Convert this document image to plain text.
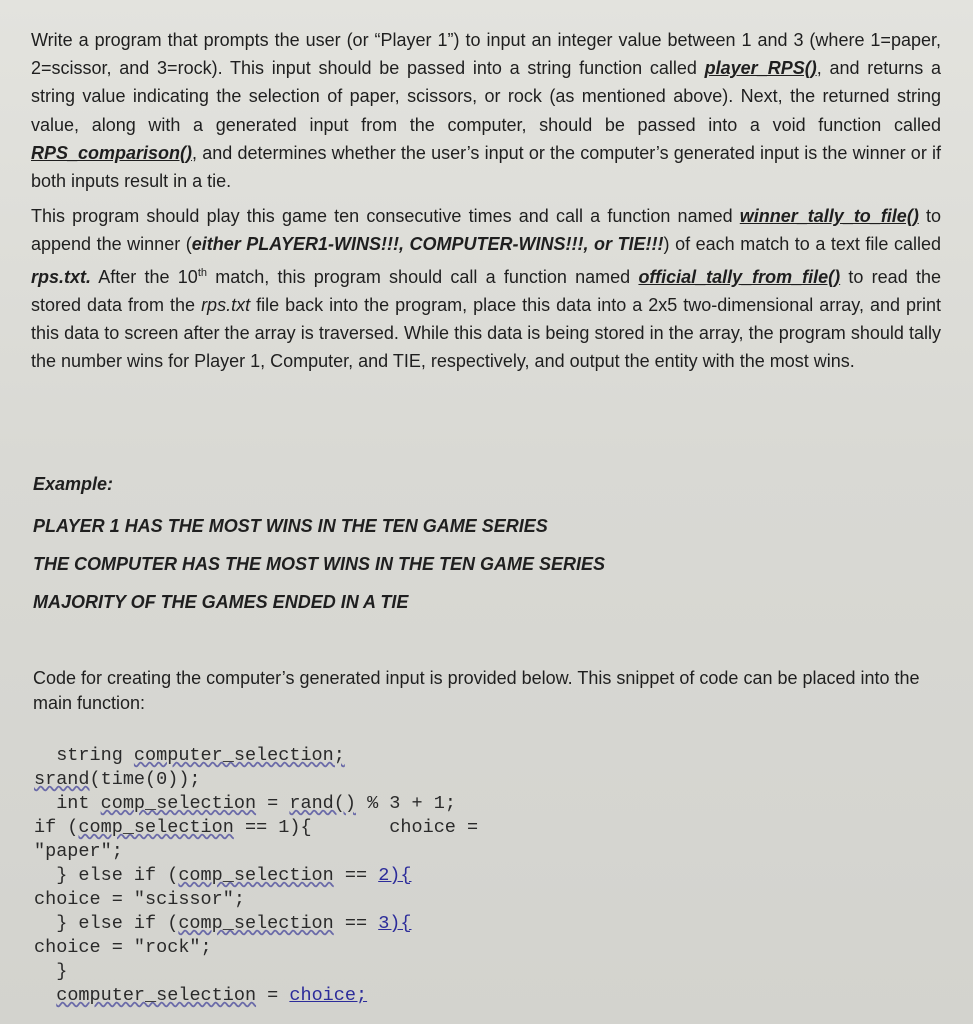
Write a program that prompts the user (or “Player 1”) to input an integer value between 1 and 3 (where 1=paper, 2=scissor, and 3=rock). This input should be passed into a string function called player_RPS(), and returns a string value indicating the selection of paper, scissors, or rock (as mentioned above). Next, the returned string value, along with a generated input from the computer, should be passed into a void function called RPS_comparison(), and determines whether the user’s input or the computer’s generated input is the winner or if both inputs result in a tie.

This program should play this game ten consecutive times and call a function named winner_tally_to_file() to append the winner (either PLAYER1-WINS!!!, COMPUTER-WINS!!!, or TIE!!!) of each match to a text file called rps.txt. After the 10th match, this program should call a function named official_tally_from_file() to read the stored data from the rps.txt file back into the program, place this data into a 2x5 two-dimensional array, and print this data to screen after the array is traversed. While this data is being stored in the array, the program should tally the number wins for Player 1, Computer, and TIE, respectively, and output the entity with the most wins.

Example:

PLAYER 1 HAS THE MOST WINS IN THE TEN GAME SERIES

THE COMPUTER HAS THE MOST WINS IN THE TEN GAME SERIES

MAJORITY OF THE GAMES ENDED IN A TIE

Code for creating the computer’s generated input is provided below. This snippet of code can be placed into the main function:

string computer_selection;
srand(time(0));
int comp_selection = rand() % 3 + 1;
if (comp_selection == 1){       choice =
"paper";
} else if (comp_selection == 2){
choice = "scissor";
} else if (comp_selection == 3){
choice = "rock";
}
computer_selection = choice;
